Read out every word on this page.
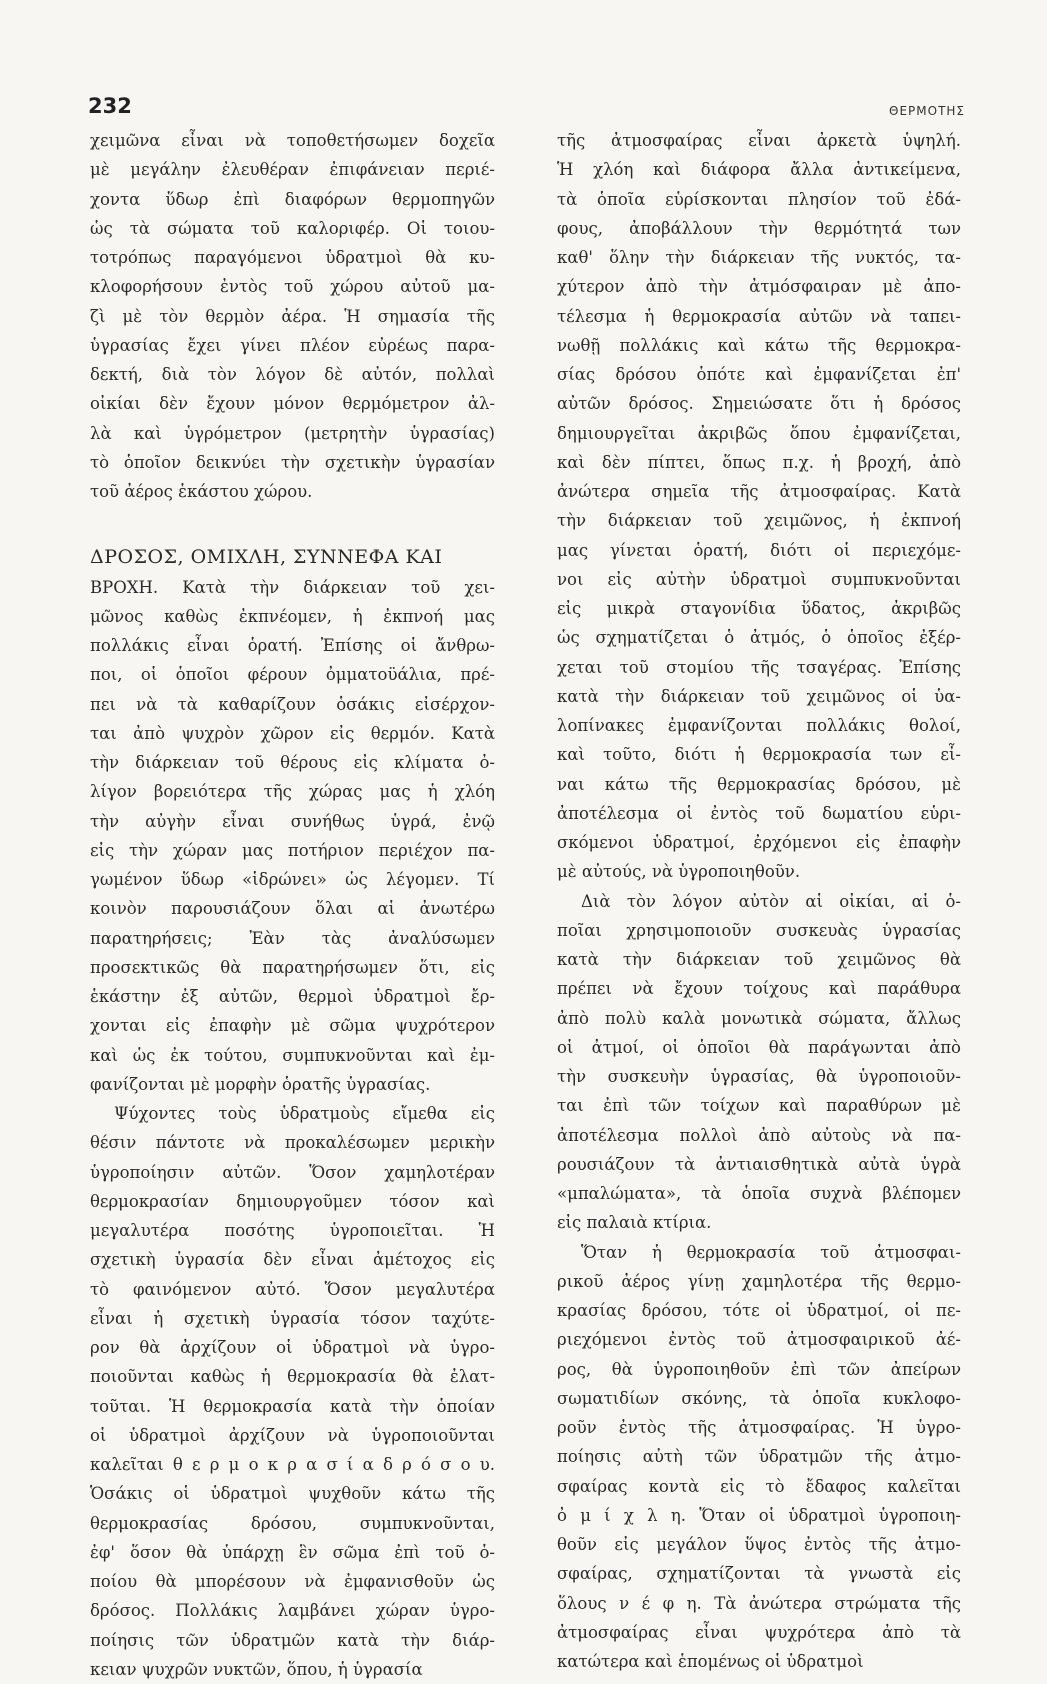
232	ΘΕΡΜΟΤΗΣ
χειμῶνα εἶναι νὰ τοποθετήσωμεν δοχεῖα
μὲ μεγάλην ἐλευθέραν ἐπιφάνειαν περιέ-
χοντα ὕδωρ ἐπὶ διαφόρων θερμοπηγῶν
ὡς τὰ σώματα τοῦ καλοριφέρ. Οἱ τοιου-
τοτρόπως παραγόμενοι ὑδρατμοὶ θὰ κυ-
κλοφορήσουν ἐντὸς τοῦ χώρου αὐτοῦ μα-
ζὶ μὲ τὸν θερμὸν ἀέρα. Ἡ σημασία τῆς
ὑγρασίας ἔχει γίνει πλέον εὐρέως παρα-
δεκτή, διὰ τὸν λόγον δὲ αὐτόν, πολλαὶ
οἰκίαι δὲν ἔχουν μόνον θερμόμετρον ἀλ-
λὰ καὶ ὑγρόμετρον (μετρητὴν ὑγρασίας)
τὸ ὁποῖον δεικνύει τὴν σχετικὴν ὑγρασίαν
τοῦ ἀέρος ἑκάστου χώρου.
ΔΡΟΣΟΣ, ΟΜΙΧΛΗ, ΣΥΝΝΕΦΑ ΚΑΙ
ΒΡΟΧΗ. Κατὰ τὴν διάρκειαν τοῦ χει-
μῶνος καθὼς ἐκπνέομεν, ἡ ἐκπνοή μας
πολλάκις εἶναι ὁρατή. Ἐπίσης οἱ ἄνθρω-
ποι, οἱ ὁποῖοι φέρουν ὀμματοϋάλια, πρέ-
πει νὰ τὰ καθαρίζουν ὁσάκις εἰσέρχον-
ται ἀπὸ ψυχρὸν χῶρον εἰς θερμόν. Κατὰ
τὴν διάρκειαν τοῦ θέρους εἰς κλίματα ὀ-
λίγον βορειότερα τῆς χώρας μας ἡ χλόη
τὴν αὐγὴν εἶναι συνήθως ὑγρά, ἐνῷ
εἰς τὴν χώραν μας ποτήριον περιέχον πα-
γωμένον ὕδωρ «ἱδρώνει» ὡς λέγομεν. Τί
κοινὸν παρουσιάζουν ὅλαι αἱ ἀνωτέρω
παρατηρήσεις; Ἐὰν τὰς ἀναλύσωμεν
προσεκτικῶς θὰ παρατηρήσωμεν ὅτι, εἰς
ἑκάστην ἐξ αὐτῶν, θερμοὶ ὑδρατμοὶ ἔρ-
χονται εἰς ἐπαφὴν μὲ σῶμα ψυχρότερον
καὶ ὡς ἐκ τούτου, συμπυκνοῦνται καὶ ἐμ-
φανίζονται μὲ μορφὴν ὁρατῆς ὑγρασίας.
Ψύχοντες τοὺς ὑδρατμοὺς εἴμεθα εἰς
θέσιν πάντοτε νὰ προκαλέσωμεν μερικὴν
ὑγροποίησιν αὐτῶν. Ὅσον χαμηλοτέραν
θερμοκρασίαν δημιουργοῦμεν τόσον καὶ
μεγαλυτέρα ποσότης ὑγροποιεῖται. Ἡ
σχετικὴ ὑγρασία δὲν εἶναι ἀμέτοχος εἰς
τὸ φαινόμενον αὐτό. Ὅσον μεγαλυτέρα
εἶναι ἡ σχετικὴ ὑγρασία τόσον ταχύτε-
ρον θὰ ἀρχίζουν οἱ ὑδρατμοὶ νὰ ὑγρο-
ποιοῦνται καθὼς ἡ θερμοκρασία θὰ ἐλατ-
τοῦται. Ἡ θερμοκρασία κατὰ τὴν ὁποίαν
οἱ ὑδρατμοὶ ἀρχίζουν νὰ ὑγροποιοῦνται
καλεῖται θ ε ρ μ ο κ ρ α σ ί α δ ρ ό σ ο υ.
Ὁσάκις οἱ ὑδρατμοὶ ψυχθοῦν κάτω τῆς
θερμοκρασίας δρόσου, συμπυκνοῦνται,
ἐφ' ὅσον θὰ ὑπάρχῃ ἓν σῶμα ἐπὶ τοῦ ὁ-
ποίου θὰ μπορέσουν νὰ ἐμφανισθοῦν ὡς
δρόσος. Πολλάκις λαμβάνει χώραν ὑγρο-
ποίησις τῶν ὑδρατμῶν κατὰ τὴν διάρ-
κειαν ψυχρῶν νυκτῶν, ὅπου, ἡ ὑγρασία
τῆς ἀτμοσφαίρας εἶναι ἀρκετὰ ὑψηλή.
Ἡ χλόη καὶ διάφορα ἄλλα ἀντικείμενα,
τὰ ὁποῖα εὑρίσκονται πλησίον τοῦ ἐδά-
φους, ἀποβάλλουν τὴν θερμότητά των
καθ' ὅλην τὴν διάρκειαν τῆς νυκτός, τα-
χύτερον ἀπὸ τὴν ἀτμόσφαιραν μὲ ἀπο-
τέλεσμα ἡ θερμοκρασία αὐτῶν νὰ ταπει-
νωθῇ πολλάκις καὶ κάτω τῆς θερμοκρα-
σίας δρόσου ὁπότε καὶ ἐμφανίζεται ἐπ'
αὐτῶν δρόσος. Σημειώσατε ὅτι ἡ δρόσος
δημιουργεῖται ἀκριβῶς ὅπου ἐμφανίζεται,
καὶ δὲν πίπτει, ὅπως π.χ. ἡ βροχή, ἀπὸ
ἀνώτερα σημεῖα τῆς ἀτμοσφαίρας. Κατὰ
τὴν διάρκειαν τοῦ χειμῶνος, ἡ ἐκπνοή
μας γίνεται ὁρατή, διότι οἱ περιεχόμε-
νοι εἰς αὐτὴν ὑδρατμοὶ συμπυκνοῦνται
εἰς μικρὰ σταγονίδια ὕδατος, ἀκριβῶς
ὡς σχηματίζεται ὁ ἀτμός, ὁ ὁποῖος ἐξέρ-
χεται τοῦ στομίου τῆς τσαγέρας. Ἐπίσης
κατὰ τὴν διάρκειαν τοῦ χειμῶνος οἱ ὑα-
λοπίνακες ἐμφανίζονται πολλάκις θολοί,
καὶ τοῦτο, διότι ἡ θερμοκρασία των εἶ-
ναι κάτω τῆς θερμοκρασίας δρόσου, μὲ
ἀποτέλεσμα οἱ ἐντὸς τοῦ δωματίου εὑρι-
σκόμενοι ὑδρατμοί, ἐρχόμενοι εἰς ἐπαφὴν
μὲ αὐτούς, νὰ ὑγροποιηθοῦν.
Διὰ τὸν λόγον αὐτὸν αἱ οἰκίαι, αἱ ὁ-
ποῖαι χρησιμοποιοῦν συσκευὰς ὑγρασίας
κατὰ τὴν διάρκειαν τοῦ χειμῶνος θὰ
πρέπει νὰ ἔχουν τοίχους καὶ παράθυρα
ἀπὸ πολὺ καλὰ μονωτικὰ σώματα, ἄλλως
οἱ ἀτμοί, οἱ ὁποῖοι θὰ παράγωνται ἀπὸ
τὴν συσκευὴν ὑγρασίας, θὰ ὑγροποιοῦν-
ται ἐπὶ τῶν τοίχων καὶ παραθύρων μὲ
ἀποτέλεσμα πολλοὶ ἀπὸ αὐτοὺς νὰ πα-
ρουσιάζουν τὰ ἀντιαισθητικὰ αὐτὰ ὑγρὰ
«μπαλώματα», τὰ ὁποῖα συχνὰ βλέπομεν
εἰς παλαιὰ κτίρια.
Ὅταν ἡ θερμοκρασία τοῦ ἀτμοσφαι-
ρικοῦ ἀέρος γίνῃ χαμηλοτέρα τῆς θερμο-
κρασίας δρόσου, τότε οἱ ὑδρατμοί, οἱ πε-
ριεχόμενοι ἐντὸς τοῦ ἀτμοσφαιρικοῦ ἀέ-
ρος, θὰ ὑγροποιηθοῦν ἐπὶ τῶν ἀπείρων
σωματιδίων σκόνης, τὰ ὁποῖα κυκλοφο-
ροῦν ἐντὸς τῆς ἀτμοσφαίρας. Ἡ ὑγρο-
ποίησις αὐτὴ τῶν ὑδρατμῶν τῆς ἀτμο-
σφαίρας κοντὰ εἰς τὸ ἔδαφος καλεῖται
ὀ μ ί χ λ η. Ὅταν οἱ ὑδρατμοὶ ὑγροποιη-
θοῦν εἰς μεγάλον ὕψος ἐντὸς τῆς ἀτμο-
σφαίρας, σχηματίζονται τὰ γνωστὰ εἰς
ὅλους ν έ φ η. Τὰ ἀνώτερα στρώματα τῆς
ἀτμοσφαίρας εἶναι ψυχρότερα ἀπὸ τὰ
κατώτερα καὶ ἑπομένως οἱ ὑδρατμοὶ
